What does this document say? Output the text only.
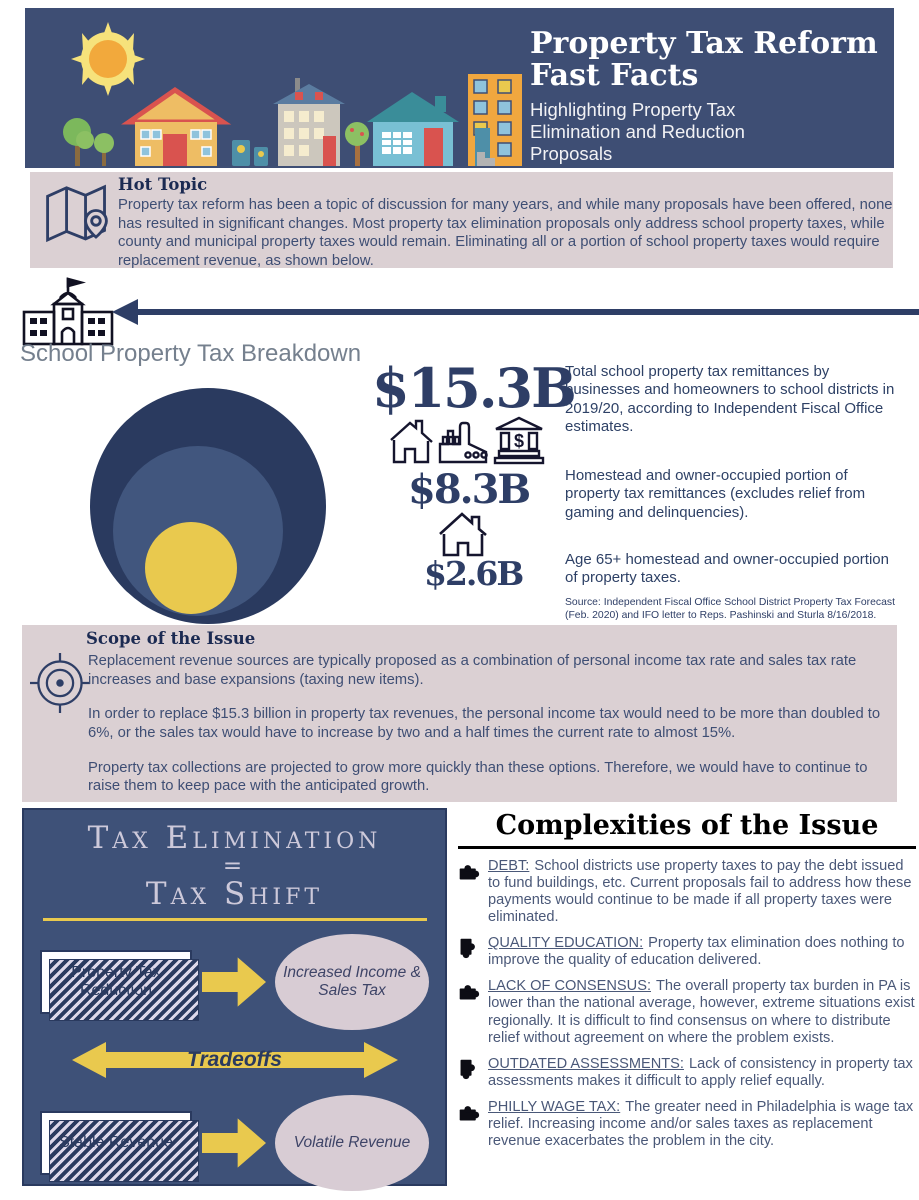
Property Tax Reform
Fast Facts
Highlighting Property Tax Elimination and Reduction Proposals
Hot Topic
Property tax reform has been a topic of discussion for many years, and while many proposals have been offered, none has resulted in significant changes. Most property tax elimination proposals only address school property taxes, while county and municipal property taxes would remain. Eliminating all or a portion of school property taxes would require replacement revenue, as shown below.
School Property Tax Breakdown
$15.3B
$
Total school property tax remittances by businesses and homeowners to school districts in 2019/20, according to Independent Fiscal Office estimates.
$8.3B Homestead and owner-occupied portion of property tax remittances (excludes relief from gaming and delinquencies).
$2.6B	Age 65+ homestead and owner-occupied portion of property taxes.
Source: Independent Fiscal Office School District Property Tax Forecast (Feb. 2020) and IFO letter to Reps. Pashinski and Sturla 8/16/2018.
Scope of the Issue

Replacement revenue sources are typically proposed as a combination of personal income tax rate and sales tax rate increases and base expansions (taxing new items).

In order to replace $15.3 billion in property tax revenues, the personal income tax would need to be more than doubled to 6%, or the sales tax would have to increase by two and a half times the current rate to almost 15%.

Property tax collections are projected to grow more quickly than these options. Therefore, we would have to continue to raise them to keep pace with the anticipated growth.

Tax Elimination
=
Tax Shift
Property Tax Reduction
Increased Income & Sales Tax
Tradeoffs
Stable Revenue	Volatile Revenue
Complexities of the Issue
DEBT: School districts use property taxes to pay the debt issued to fund buildings, etc. Current proposals fail to address how these payments would continue to be made if all property taxes were eliminated.
QUALITY EDUCATION: Property tax elimination does nothing to improve the quality of education delivered.
LACK OF CONSENSUS: The overall property tax burden in PA is lower than the national average, however, extreme situations exist regionally. It is difficult to find consensus on where to distribute relief without agreement on where the problem exists.
OUTDATED ASSESSMENTS: Lack of consistency in property tax assessments makes it difficult to apply relief equally.
PHILLY WAGE TAX: The greater need in Philadelphia is wage tax relief. Increasing income and/or sales taxes as replacement revenue exacerbates the problem in the city.
